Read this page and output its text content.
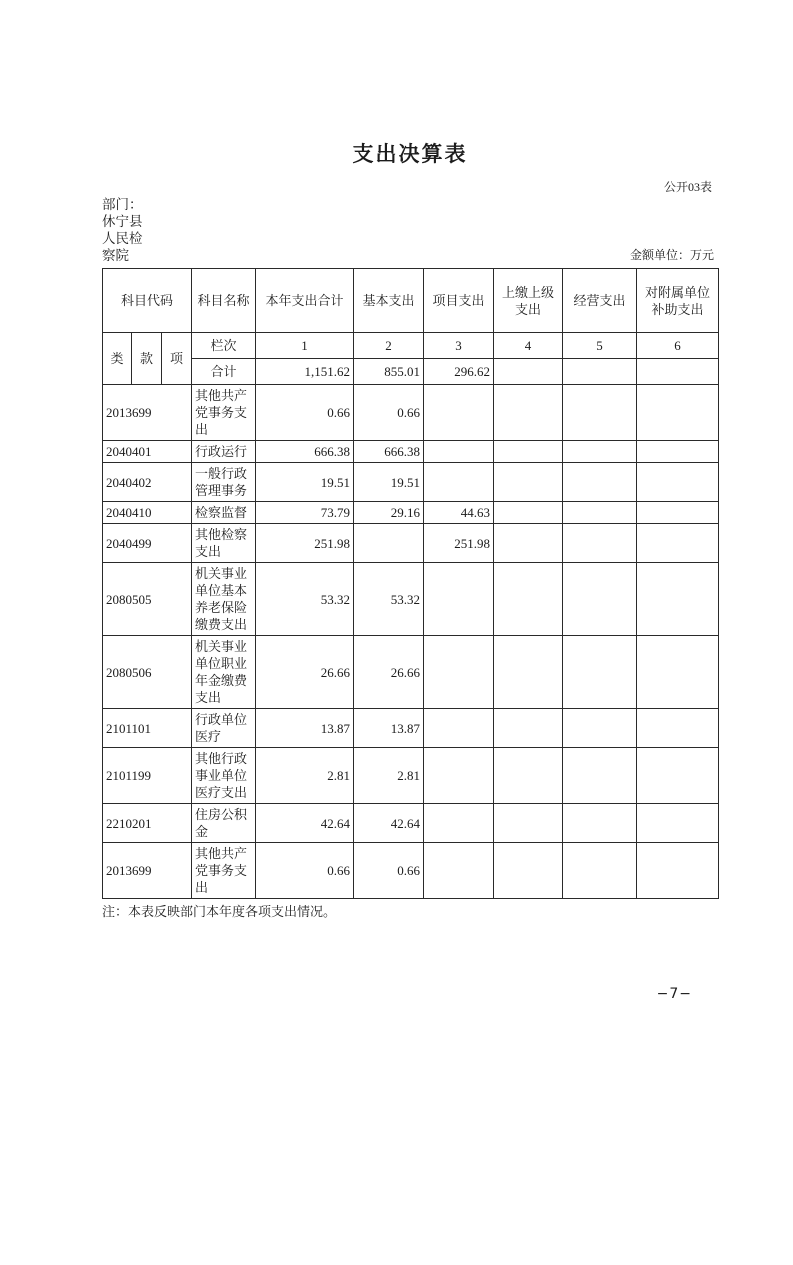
支出决算表
公开03表
部门：
休宁县
人民检
察院	金额单位：万元
科目代码			科目名称	本年支出合计	基本支出	项目支出	上缴上级支出	经营支出	对附属单位补助支出
类	款	项	栏次	1	2	3	4	5	6
			合计	1,151.62	855.01	296.62			
2013699			其他共产党事务支出	0.66	0.66				
2040401			行政运行	666.38	666.38				
2040402			一般行政管理事务	19.51	19.51				
2040410			检察监督	73.79	29.16	44.63			
2040499			其他检察支出	251.98		251.98			
2080505			机关事业单位基本养老保险缴费支出	53.32	53.32				
2080506			机关事业单位职业年金缴费支出	26.66	26.66				
2101101			行政单位医疗	13.87	13.87				
2101199			其他行政事业单位医疗支出	2.81	2.81				
2210201			住房公积金	42.64	42.64				
2013699			其他共产党事务支出	0.66	0.66				
注：本表反映部门本年度各项支出情况。
−7−
